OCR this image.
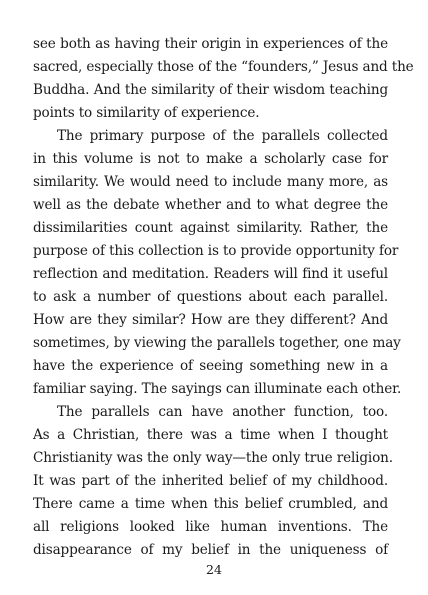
see both as having their origin in experiences of the
sacred, especially those of the “founders,” Jesus and the
Buddha. And the similarity of their wisdom teaching
points to similarity of experience.
The primary purpose of the parallels collected
in this volume is not to make a scholarly case for
similarity. We would need to include many more, as
well as the debate whether and to what degree the
dissimilarities count against similarity. Rather, the
purpose of this collection is to provide opportunity for
reflection and meditation. Readers will find it useful
to ask a number of questions about each parallel.
How are they similar? How are they different? And
sometimes, by viewing the parallels together, one may
have the experience of seeing something new in a
familiar saying. The sayings can illuminate each other.
The parallels can have another function, too.
As a Christian, there was a time when I thought
Christianity was the only way—the only true religion.
It was part of the inherited belief of my childhood.
There came a time when this belief crumbled, and
all religions looked like human inventions. The
disappearance of my belief in the uniqueness of
24
